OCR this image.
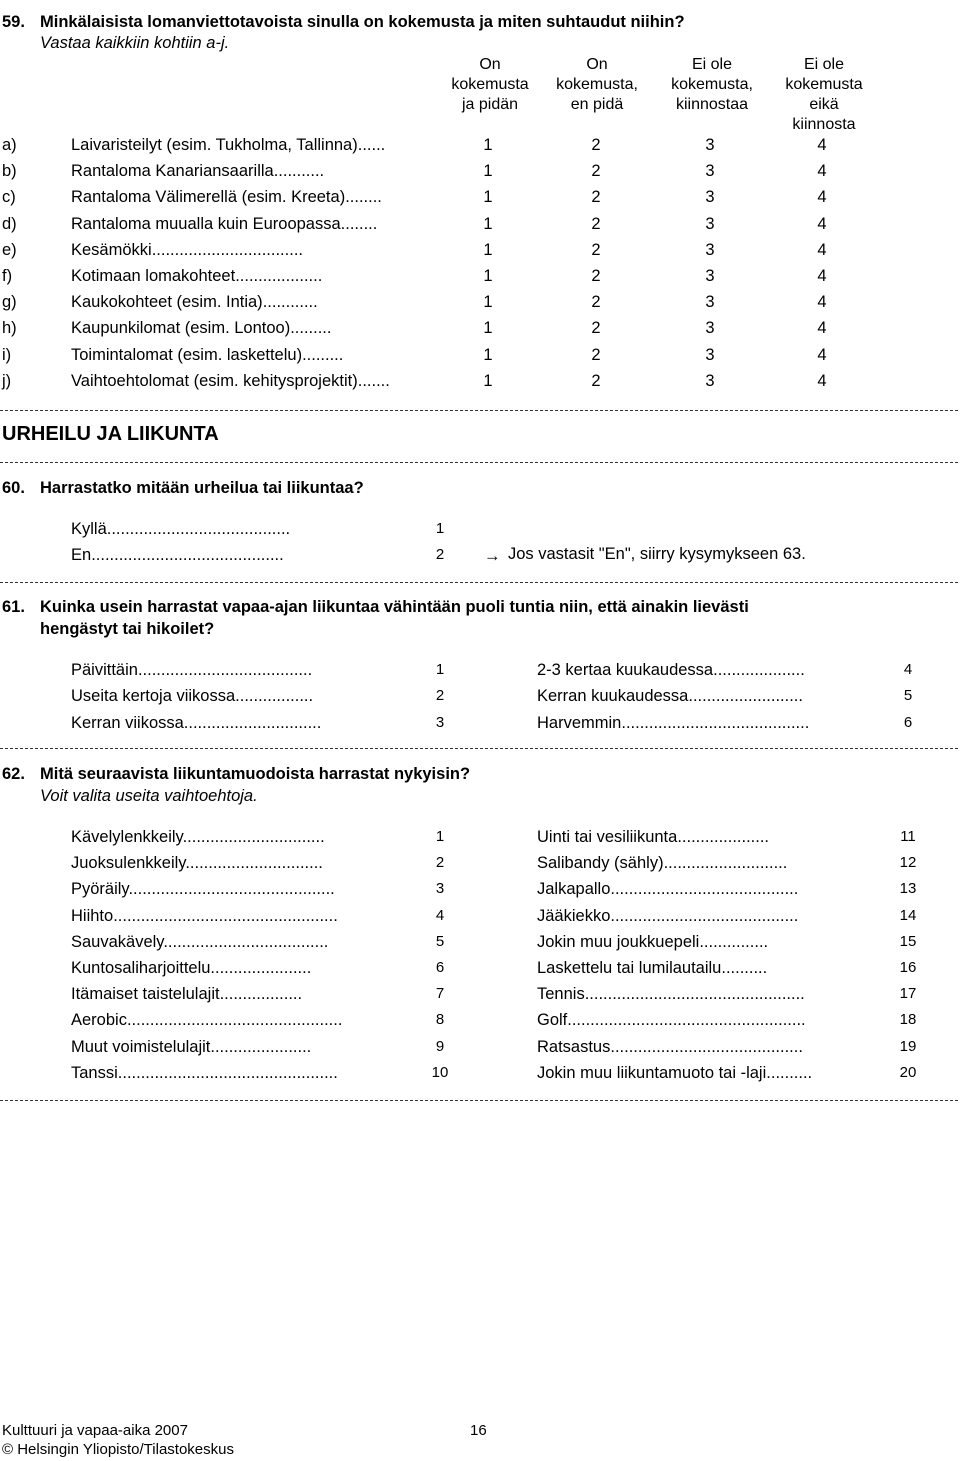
59. Minkälaisista lomanviettotavoista sinulla on kokemusta ja miten suhtaudut niihin?
Vastaa kaikkiin kohtiin a-j.
On
kokemusta
ja pidän
On
kokemusta,
en pidä
Ei ole
kokemusta,
kiinnostaa
Ei ole
kokemusta
eikä
kiinnosta
a)	Laivaristeilyt (esim. Tukholma, Tallinna)......	1	2	3	4
b)	Rantaloma Kanariansaarilla...........	1	2	3	4
c)	Rantaloma Välimerellä (esim. Kreeta)........	1	2	3	4
d)	Rantaloma muualla kuin Euroopassa........	1	2	3	4
e)	Kesämökki.................................	1	2	3	4
f)	Kotimaan lomakohteet...................	1	2	3	4
g)	Kaukokohteet (esim. Intia)............	1	2	3	4
h)	Kaupunkilomat (esim. Lontoo).........	1	2	3	4
i)	Toimintalomat (esim. laskettelu).........	1	2	3	4
j)	Vaihtoehtolomat (esim. kehitysprojektit).......	1	2	3	4
URHEILU JA LIIKUNTA
60. Harrastatko mitään urheilua tai liikuntaa?
Kyllä........................................	1
En..........................................	2	→ Jos vastasit "En", siirry kysymykseen 63.
61. Kuinka usein harrastat vapaa-ajan liikuntaa vähintään puoli tuntia niin, että ainakin lievästi
hengästyt tai hikoilet?
Päivittäin......................................	1
Useita kertoja viikossa.................	2
Kerran viikossa..............................	3
2-3 kertaa kuukaudessa....................	4
Kerran kuukaudessa.........................	5
Harvemmin.........................................	6
62. Mitä seuraavista liikuntamuodoista harrastat nykyisin?
Voit valita useita vaihtoehtoja.
Kävelylenkkeily...............................	1
Juoksulenkkeily..............................	2
Pyöräily.............................................	3
Hiihto.................................................	4
Sauvakävely....................................	5
Kuntosaliharjoittelu......................	6
Itämaiset taistelulajit..................	7
Aerobic...............................................	8
Muut voimistelulajit......................	9
Tanssi................................................	10
Uinti tai vesiliikunta....................	11
Salibandy (sähly)...........................	12
Jalkapallo.........................................	13
Jääkiekko.........................................	14
Jokin muu joukkuepeli...............	15
Laskettelu tai lumilautailu..........	16
Tennis................................................	17
Golf....................................................	18
Ratsastus..........................................	19
Jokin muu liikuntamuoto tai -laji..........	20
Kulttuuri ja vapaa-aika 2007
© Helsingin Yliopisto/Tilastokeskus
16
